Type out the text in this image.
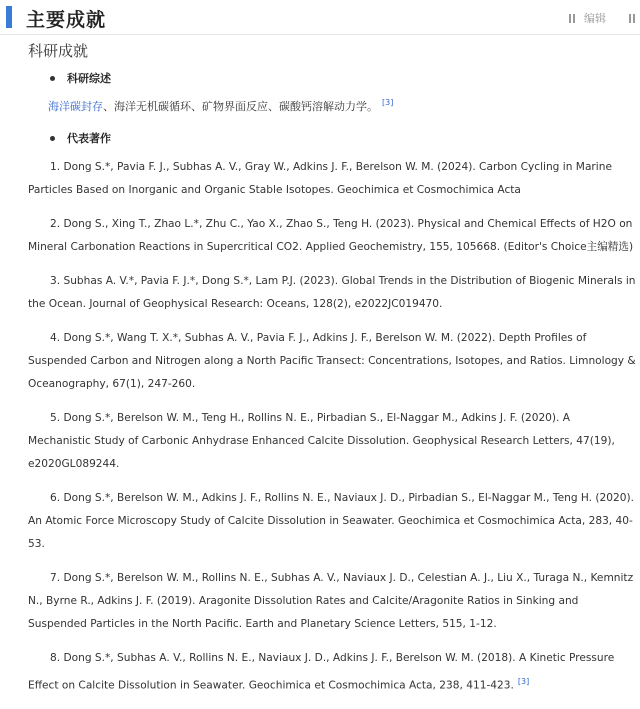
主要成就	编辑
科研成就
科研综述
海洋碳封存、海洋无机碳循环、矿物界面反应、碳酸钙溶解动力学。 [3]
代表著作
1. Dong S.*, Pavia F. J., Subhas A. V., Gray W., Adkins J. F., Berelson W. M. (2024). Carbon Cycling in Marine Particles Based on Inorganic and Organic Stable Isotopes. Geochimica et Cosmochimica Acta
2. Dong S., Xing T., Zhao L.*, Zhu C., Yao X., Zhao S., Teng H. (2023). Physical and Chemical Effects of H2O on Mineral Carbonation Reactions in Supercritical CO2. Applied Geochemistry, 155, 105668. (Editor's Choice主编精选)
3. Subhas A. V.*, Pavia F. J.*, Dong S.*, Lam P.J. (2023). Global Trends in the Distribution of Biogenic Minerals in the Ocean. Journal of Geophysical Research: Oceans, 128(2), e2022JC019470.
4. Dong S.*, Wang T. X.*, Subhas A. V., Pavia F. J., Adkins J. F., Berelson W. M. (2022). Depth Profiles of Suspended Carbon and Nitrogen along a North Pacific Transect: Concentrations, Isotopes, and Ratios. Limnology & Oceanography, 67(1), 247-260.
5. Dong S.*, Berelson W. M., Teng H., Rollins N. E., Pirbadian S., El-Naggar M., Adkins J. F. (2020). A Mechanistic Study of Carbonic Anhydrase Enhanced Calcite Dissolution. Geophysical Research Letters, 47(19), e2020GL089244.
6. Dong S.*, Berelson W. M., Adkins J. F., Rollins N. E., Naviaux J. D., Pirbadian S., El-Naggar M., Teng H. (2020). An Atomic Force Microscopy Study of Calcite Dissolution in Seawater. Geochimica et Cosmochimica Acta, 283, 40-53.
7. Dong S.*, Berelson W. M., Rollins N. E., Subhas A. V., Naviaux J. D., Celestian A. J., Liu X., Turaga N., Kemnitz N., Byrne R., Adkins J. F. (2019). Aragonite Dissolution Rates and Calcite/Aragonite Ratios in Sinking and Suspended Particles in the North Pacific. Earth and Planetary Science Letters, 515, 1-12.
8. Dong S.*, Subhas A. V., Rollins N. E., Naviaux J. D., Adkins J. F., Berelson W. M. (2018). A Kinetic Pressure Effect on Calcite Dissolution in Seawater. Geochimica et Cosmochimica Acta, 238, 411-423. [3]
